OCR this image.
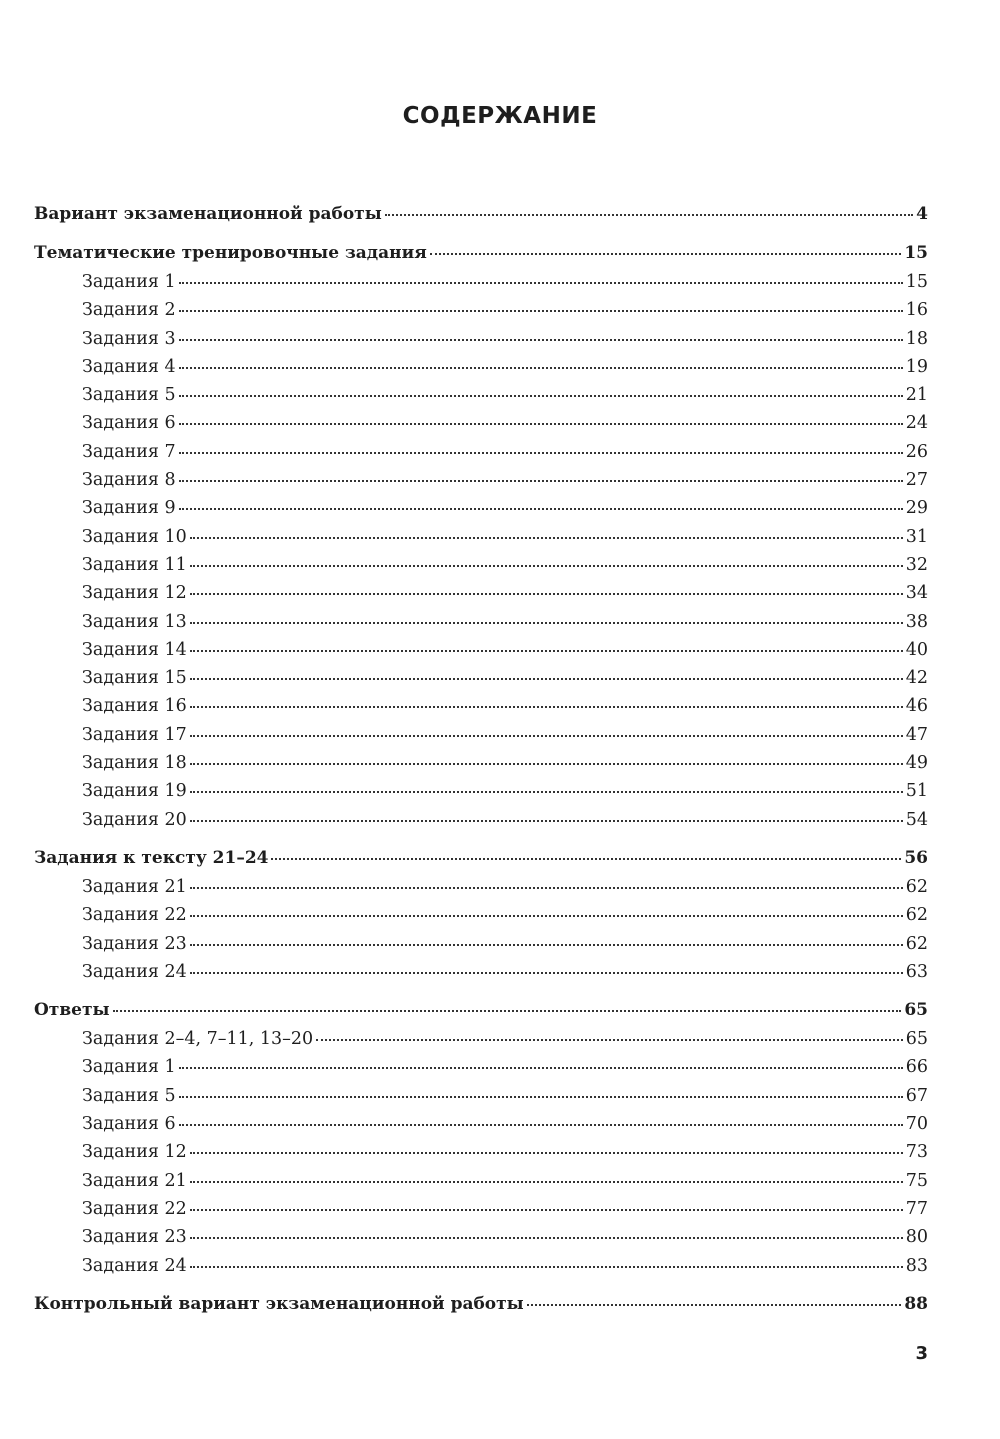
СОДЕРЖАНИЕ
Вариант экзаменационной работы	4
Тематические тренировочные задания	15
Задания 1	15
Задания 2	16
Задания 3	18
Задания 4	19
Задания 5	21
Задания 6	24
Задания 7	26
Задания 8	27
Задания 9	29
Задания 10	31
Задания 11	32
Задания 12	34
Задания 13	38
Задания 14	40
Задания 15	42
Задания 16	46
Задания 17	47
Задания 18	49
Задания 19	51
Задания 20	54
Задания к тексту 21–24	56
Задания 21	62
Задания 22	62
Задания 23	62
Задания 24	63
Ответы	65
Задания 2–4, 7–11, 13–20	65
Задания 1	66
Задания 5	67
Задания 6	70
Задания 12	73
Задания 21	75
Задания 22	77
Задания 23	80
Задания 24	83
Контрольный вариант экзаменационной работы	88
3
